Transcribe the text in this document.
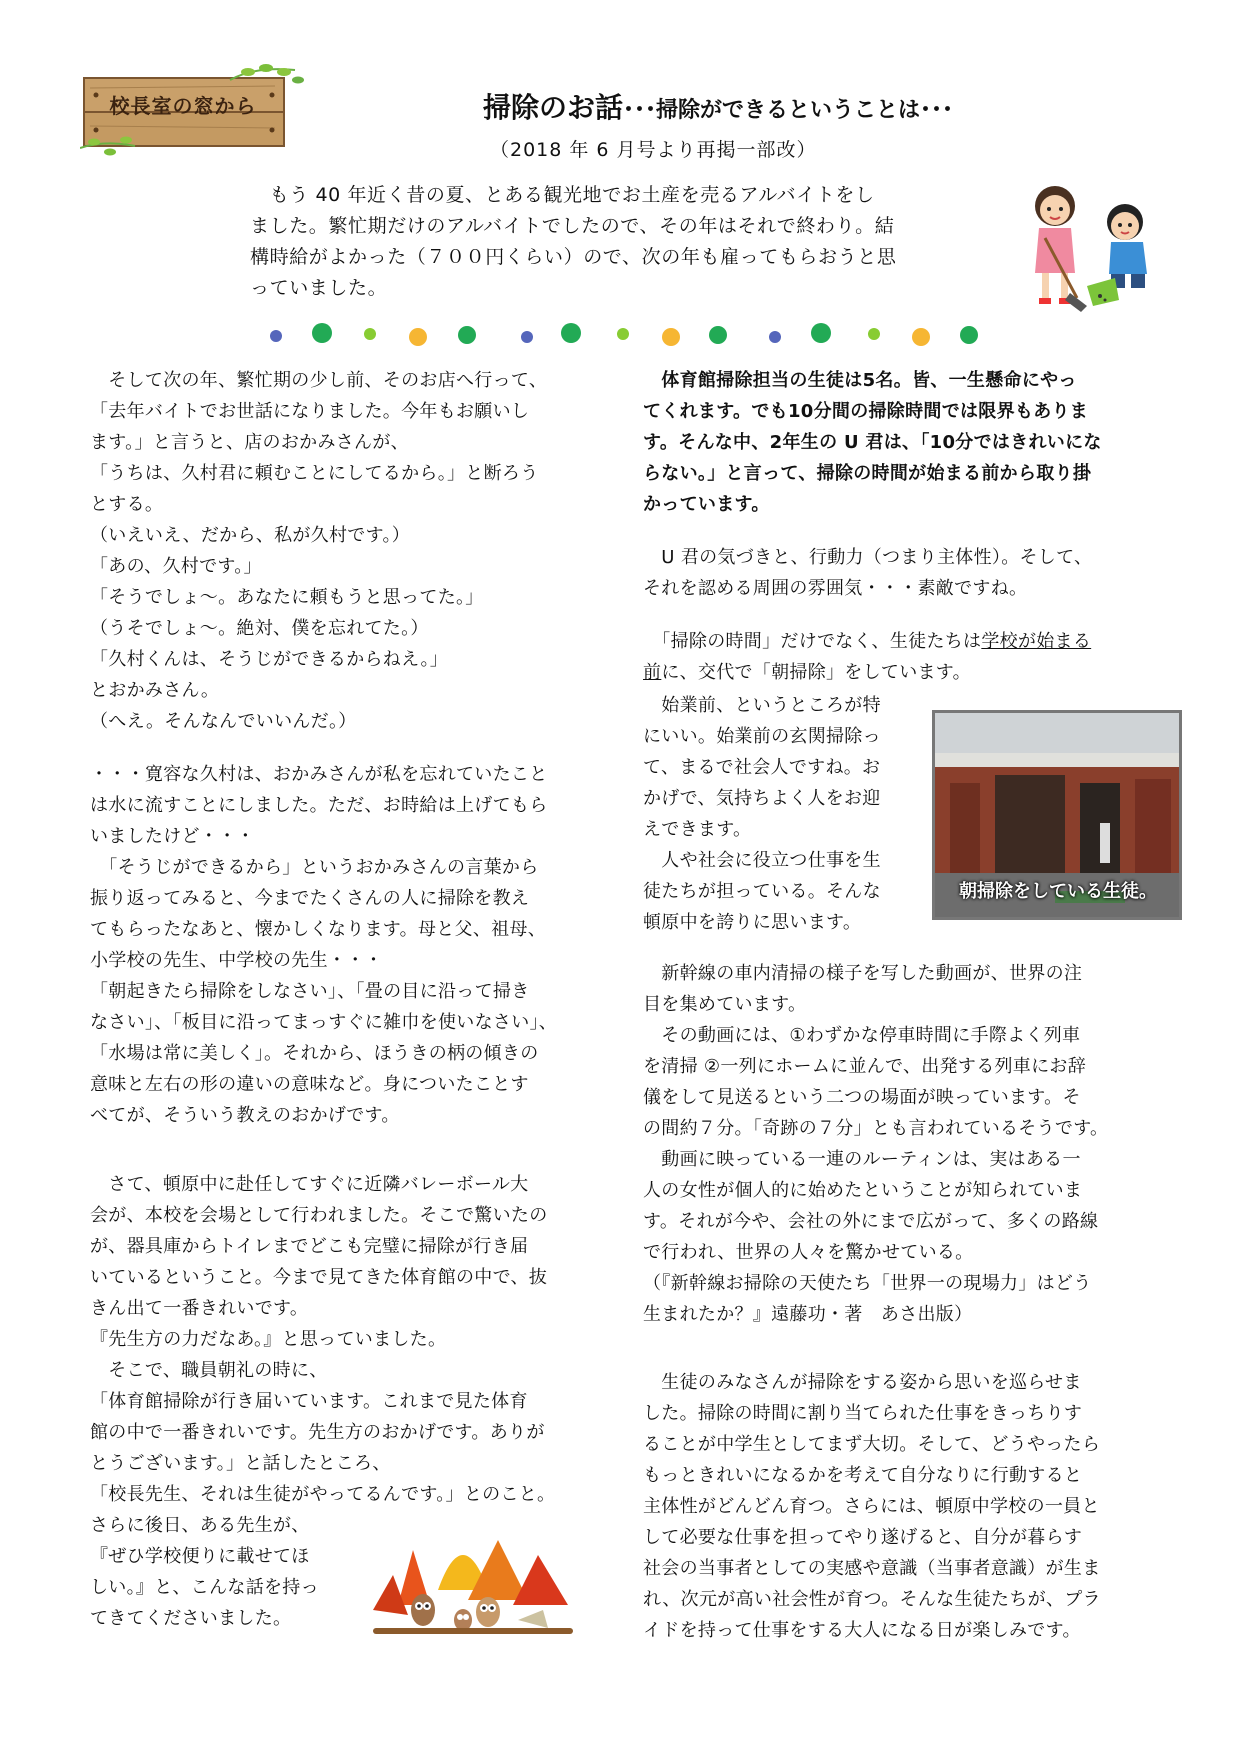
校長室の窓から	掃除のお話･･･掃除ができるということは･･･
（2018 年 6 月号より再掲一部改）

　もう 40 年近く昔の夏、とある観光地でお土産を売るアルバイトをし

ました。繁忙期だけのアルバイトでしたので、その年はそれで終わり。結

構時給がよかった（７００円くらい）ので、次の年も雇ってもらおうと思

っていました。

　そして次の年、繁忙期の少し前、そのお店へ行って、

「去年バイトでお世話になりました。今年もお願いし

ます。」と言うと、店のおかみさんが、

「うちは、久村君に頼むことにしてるから。」と断ろう

とする。

（いえいえ、だから、私が久村です。）

「あの、久村です。」

「そうでしょ～。あなたに頼もうと思ってた。」

（うそでしょ～。絶対、僕を忘れてた。）

「久村くんは、そうじができるからねえ。」

とおかみさん。

（へえ。そんなんでいいんだ。）

・・・寛容な久村は、おかみさんが私を忘れていたこと

は水に流すことにしました。ただ、お時給は上げてもら

いましたけど・・・

　「そうじができるから」というおかみさんの言葉から

振り返ってみると、今までたくさんの人に掃除を教え

てもらったなあと、懐かしくなります。母と父、祖母、

小学校の先生、中学校の先生・・・

「朝起きたら掃除をしなさい」、「畳の目に沿って掃き

なさい」、「板目に沿ってまっすぐに雑巾を使いなさい」、

「水場は常に美しく」。それから、ほうきの柄の傾きの

意味と左右の形の違いの意味など。身についたことす

べてが、そういう教えのおかげです。

　さて、頓原中に赴任してすぐに近隣バレーボール大

会が、本校を会場として行われました。そこで驚いたの

が、器具庫からトイレまでどこも完璧に掃除が行き届

いているということ。今まで見てきた体育館の中で、抜

きん出て一番きれいです。

『先生方の力だなあ。』と思っていました。

　そこで、職員朝礼の時に、

「体育館掃除が行き届いています。これまで見た体育

館の中で一番きれいです。先生方のおかげです。ありが

とうございます。」と話したところ、

「校長先生、それは生徒がやってるんです。」とのこと。

さらに後日、ある先生が、

『ぜひ学校便りに載せてほ

しい。』と、こんな話を持っ

てきてくださいました。

　体育館掃除担当の生徒は5名。皆、一生懸命にやっ

てくれます。でも10分間の掃除時間では限界もありま

す。そんな中、2年生の U 君は、「10分ではきれいにな

らない。」と言って、掃除の時間が始まる前から取り掛

かっています。

　U 君の気づきと、行動力（つまり主体性）。そして、

それを認める周囲の雰囲気・・・素敵ですね。

　「掃除の時間」だけでなく、生徒たちは学校が始まる

前に、交代で「朝掃除」をしています。

　始業前、というところが特

にいい。始業前の玄関掃除っ

て、まるで社会人ですね。お

かげで、気持ちよく人をお迎

えできます。

　人や社会に役立つ仕事を生

徒たちが担っている。そんな

頓原中を誇りに思います。

朝掃除をしている生徒。

　新幹線の車内清掃の様子を写した動画が、世界の注

目を集めています。

　その動画には、①わずかな停車時間に手際よく列車

を清掃 ②一列にホームに並んで、出発する列車にお辞

儀をして見送るという二つの場面が映っています。そ

の間約７分。「奇跡の７分」とも言われているそうです。

　動画に映っている一連のルーティンは、実はある一

人の女性が個人的に始めたということが知られていま

す。それが今や、会社の外にまで広がって、多くの路線

で行われ、世界の人々を驚かせている。

（『新幹線お掃除の天使たち「世界一の現場力」はどう

生まれたか？』遠藤功・著　あさ出版）

　生徒のみなさんが掃除をする姿から思いを巡らせま

した。掃除の時間に割り当てられた仕事をきっちりす

ることが中学生としてまず大切。そして、どうやったら

もっときれいになるかを考えて自分なりに行動すると

主体性がどんどん育つ。さらには、頓原中学校の一員と

して必要な仕事を担ってやり遂げると、自分が暮らす

社会の当事者としての実感や意識（当事者意識）が生ま

れ、次元が高い社会性が育つ。そんな生徒たちが、プラ

イドを持って仕事をする大人になる日が楽しみです。
